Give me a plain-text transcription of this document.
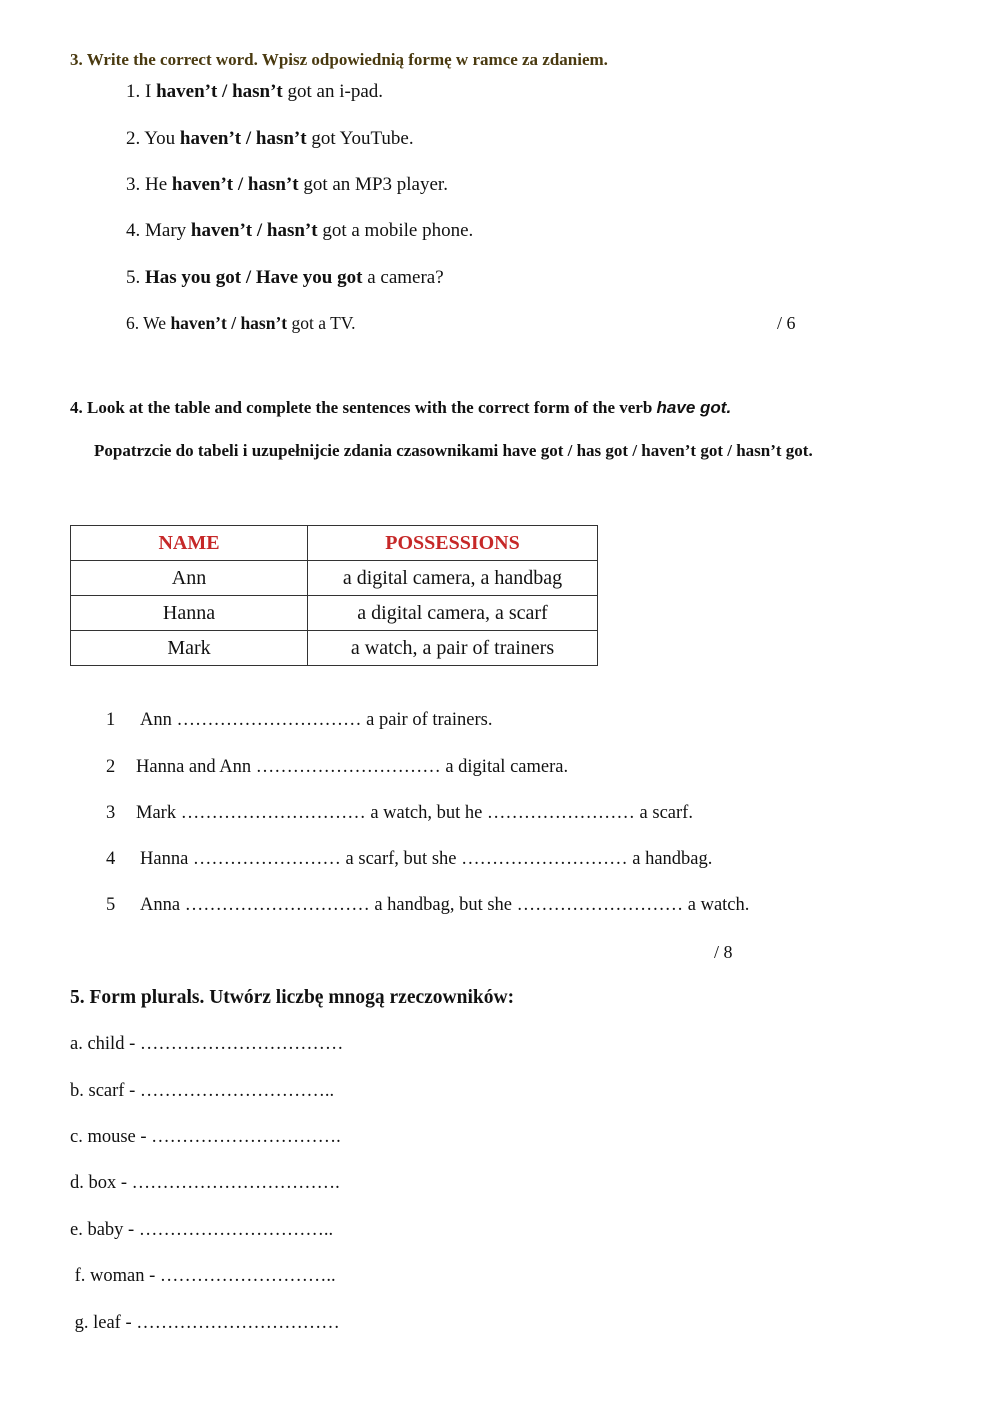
3. Write the correct word. Wpisz odpowiednią formę w ramce za zdaniem.
1. I haven’t / hasn’t got an i-pad.
2. You haven’t / hasn’t got YouTube.
3. He haven’t / hasn’t got an MP3 player.
4. Mary haven’t / hasn’t got a mobile phone.
5. Has you got / Have you got a camera?
6. We haven’t / hasn’t got a TV.	/ 6
4. Look at the table and complete the sentences with the correct form of the verb have got.
Popatrzcie do tabeli i uzupełnijcie zdania czasownikami have got / has got / haven’t got / hasn’t got.
NAME	POSSESSIONS
Ann	a digital camera, a handbag
Hanna	a digital camera, a scarf
Mark	a watch, a pair of trainers
1 Ann ………………………… a pair of trainers.
2 Hanna and Ann ………………………… a digital camera.
3 Mark ………………………… a watch, but he …………………… a scarf.
4 Hanna …………………… a scarf, but she ……………………… a handbag.
5 Anna ………………………… a handbag, but she ……………………… a watch.
/ 8
5. Form plurals. Utwórz liczbę mnogą rzeczowników:
a. child - ……………………………
b. scarf - …………………………..
c. mouse - ………………………….
d. box - …………………………….
e. baby - …………………………..
f. woman - ………………………..
g. leaf - ……………………………
